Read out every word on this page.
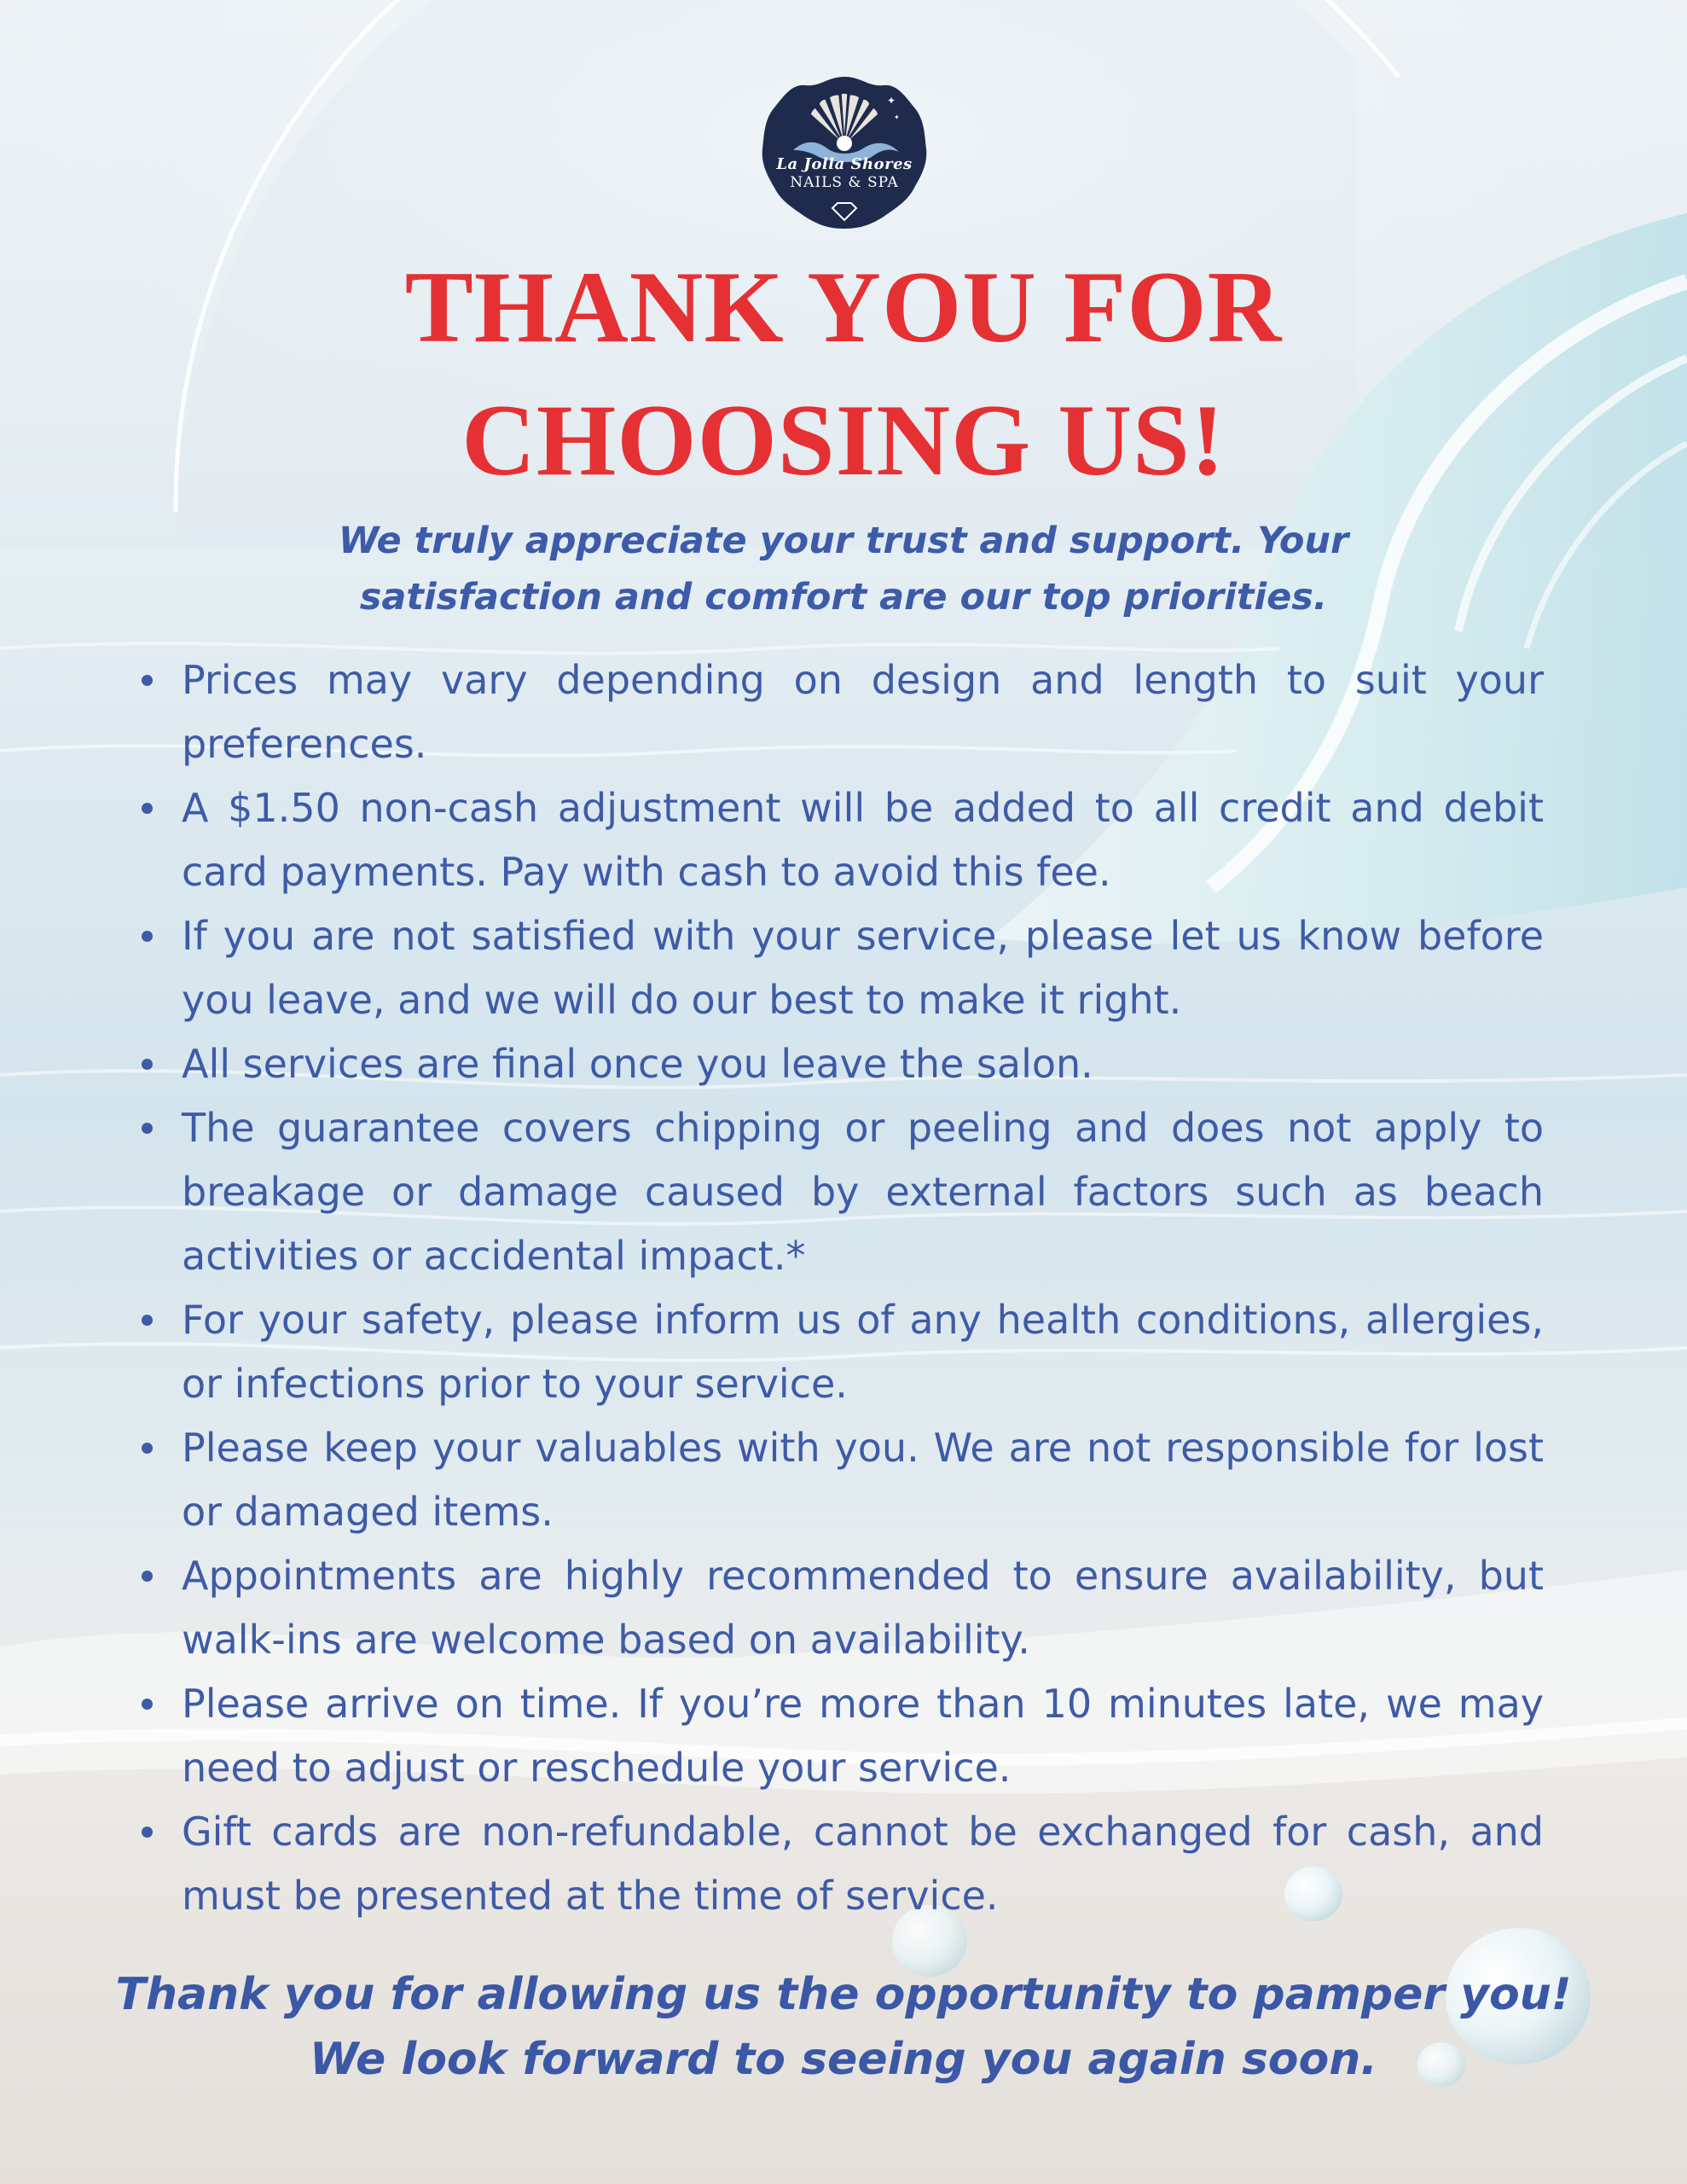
✦
✦
La Jolla Shores
NAILS & SPA
THANK YOU FOR
CHOOSING US!
We truly appreciate your trust and support. Your
satisfaction and comfort are our top priorities.
Prices may vary depending on design and length to suit your preferences.
A $1.50 non-cash adjustment will be added to all credit and debit card payments. Pay with cash to avoid this fee.
If you are not satisfied with your service, please let us know before you leave, and we will do our best to make it right.
All services are final once you leave the salon.
The guarantee covers chipping or peeling and does not apply to breakage or damage caused by external factors such as beach activities or accidental impact.*
For your safety, please inform us of any health conditions, allergies, or infections prior to your service.
Please keep your valuables with you. We are not responsible for lost or damaged items.
Appointments are highly recommended to ensure availability, but walk-ins are welcome based on availability.
Please arrive on time. If you’re more than 10 minutes late, we may need to adjust or reschedule your service.
Gift cards are non-refundable, cannot be exchanged for cash, and must be presented at the time of service.
Thank you for allowing us the opportunity to pamper you!
We look forward to seeing you again soon.
